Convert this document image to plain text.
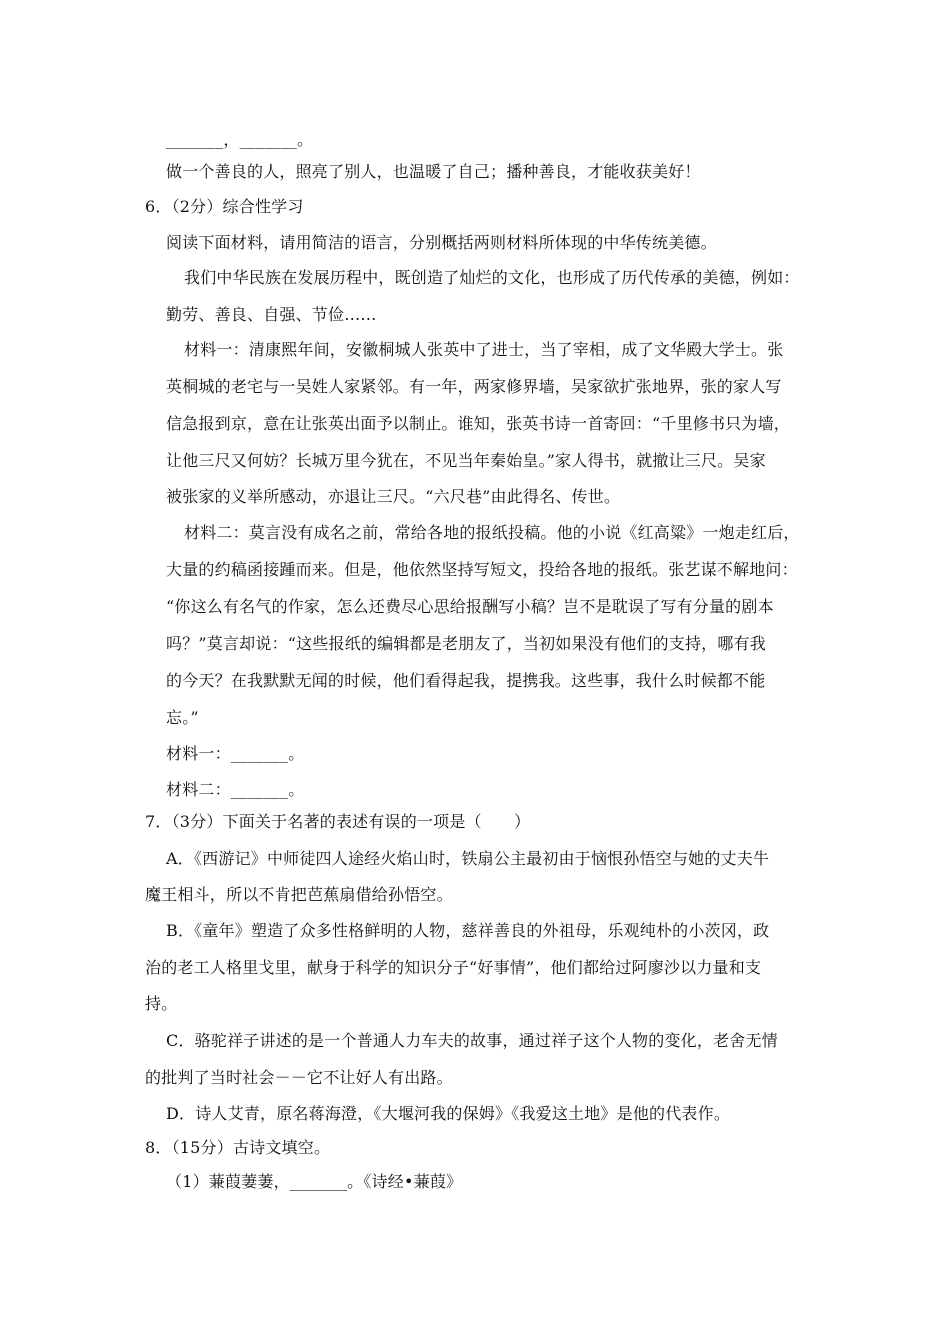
_______，_______。
做一个善良的人，照亮了别人，也温暖了自己；播种善良，才能收获美好！
6．（2分）综合性学习
阅读下面材料，请用简洁的语言，分别概括两则材料所体现的中华传统美德。
我们中华民族在发展历程中，既创造了灿烂的文化，也形成了历代传承的美德，例如：
勤劳、善良、自强、节俭……
材料一：清康熙年间，安徽桐城人张英中了进士，当了宰相，成了文华殿大学士。张
英桐城的老宅与一吴姓人家紧邻。有一年，两家修界墙，吴家欲扩张地界，张的家人写
信急报到京，意在让张英出面予以制止。谁知，张英书诗一首寄回：“千里修书只为墙，
让他三尺又何妨？长城万里今犹在，不见当年秦始皇。”家人得书，就撤让三尺。吴家
被张家的义举所感动，亦退让三尺。“六尺巷”由此得名、传世。
材料二：莫言没有成名之前，常给各地的报纸投稿。他的小说《红高粱》一炮走红后，
大量的约稿函接踵而来。但是，他依然坚持写短文，投给各地的报纸。张艺谋不解地问：
“你这么有名气的作家，怎么还费尽心思给报酬写小稿？岂不是耽误了写有分量的剧本
吗？”莫言却说：“这些报纸的编辑都是老朋友了，当初如果没有他们的支持，哪有我
的今天？在我默默无闻的时候，他们看得起我，提携我。这些事，我什么时候都不能
忘。”
材料一：_______。
材料二：_______。
7．（3分）下面关于名著的表述有误的一项是（　　）
A．《西游记》中师徒四人途经火焰山时，铁扇公主最初由于恼恨孙悟空与她的丈夫牛
魔王相斗，所以不肯把芭蕉扇借给孙悟空。
B．《童年》塑造了众多性格鲜明的人物，慈祥善良的外祖母，乐观纯朴的小茨冈，政
治的老工人格里戈里，献身于科学的知识分子“好事情”，他们都给过阿廖沙以力量和支
持。
C．骆驼祥子讲述的是一个普通人力车夫的故事，通过祥子这个人物的变化，老舍无情
的批判了当时社会－－它不让好人有出路。
D．诗人艾青，原名蒋海澄，《大堰河我的保姆》《我爱这土地》是他的代表作。
8．（15分）古诗文填空。
（1）蒹葭萋萋，_______。《诗经•蒹葭》
